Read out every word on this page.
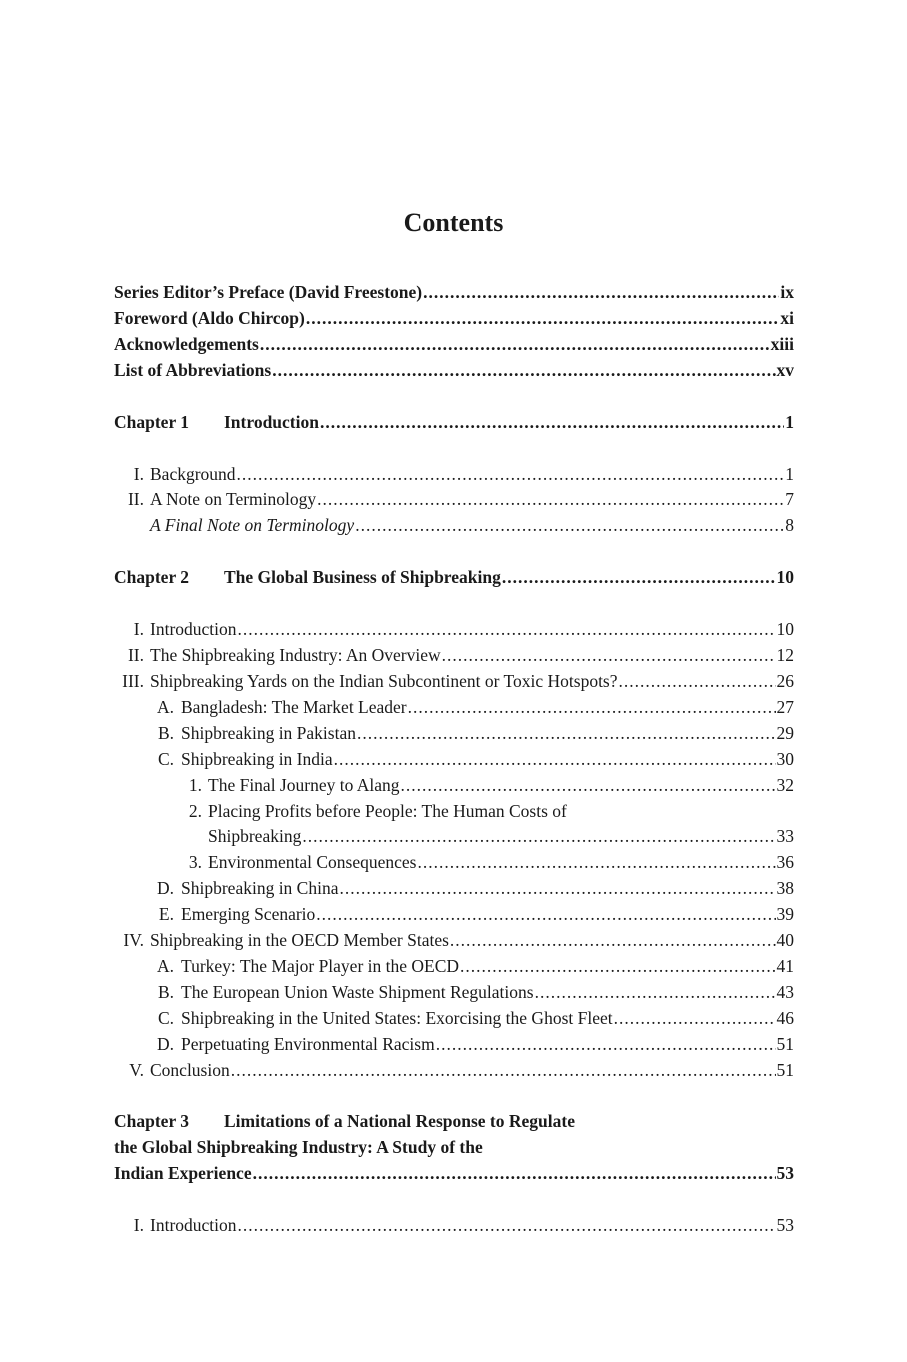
Contents
Series Editor’s Preface (David Freestone) .....	ix
Foreword (Aldo Chircop) .....	xi
Acknowledgements .....	xiii
List of Abbreviations .....	xv
Chapter 1 Introduction .....	1
I. Background .....	1
II. A Note on Terminology .....	7
A Final Note on Terminology .....	8
Chapter 2 The Global Business of Shipbreaking .....	10
I. Introduction .....	10
II. The Shipbreaking Industry: An Overview .....	12
III. Shipbreaking Yards on the Indian Subcontinent or Toxic Hotspots? .....	26
A. Bangladesh: The Market Leader .....	27
B. Shipbreaking in Pakistan .....	29
C. Shipbreaking in India .....	30
1. The Final Journey to Alang .....	32
2. Placing Profits before People: The Human Costs of
Shipbreaking .....	33
3. Environmental Consequences .....	36
D. Shipbreaking in China .....	38
E. Emerging Scenario .....	39
IV. Shipbreaking in the OECD Member States .....	40
A. Turkey: The Major Player in the OECD .....	41
B. The European Union Waste Shipment Regulations .....	43
C. Shipbreaking in the United States: Exorcising the Ghost Fleet .....	46
D. Perpetuating Environmental Racism .....	51
V. Conclusion .....	51
Chapter 3 Limitations of a National Response to Regulate
the Global Shipbreaking Industry: A Study of the
Indian Experience .....	53
I. Introduction .....	53
